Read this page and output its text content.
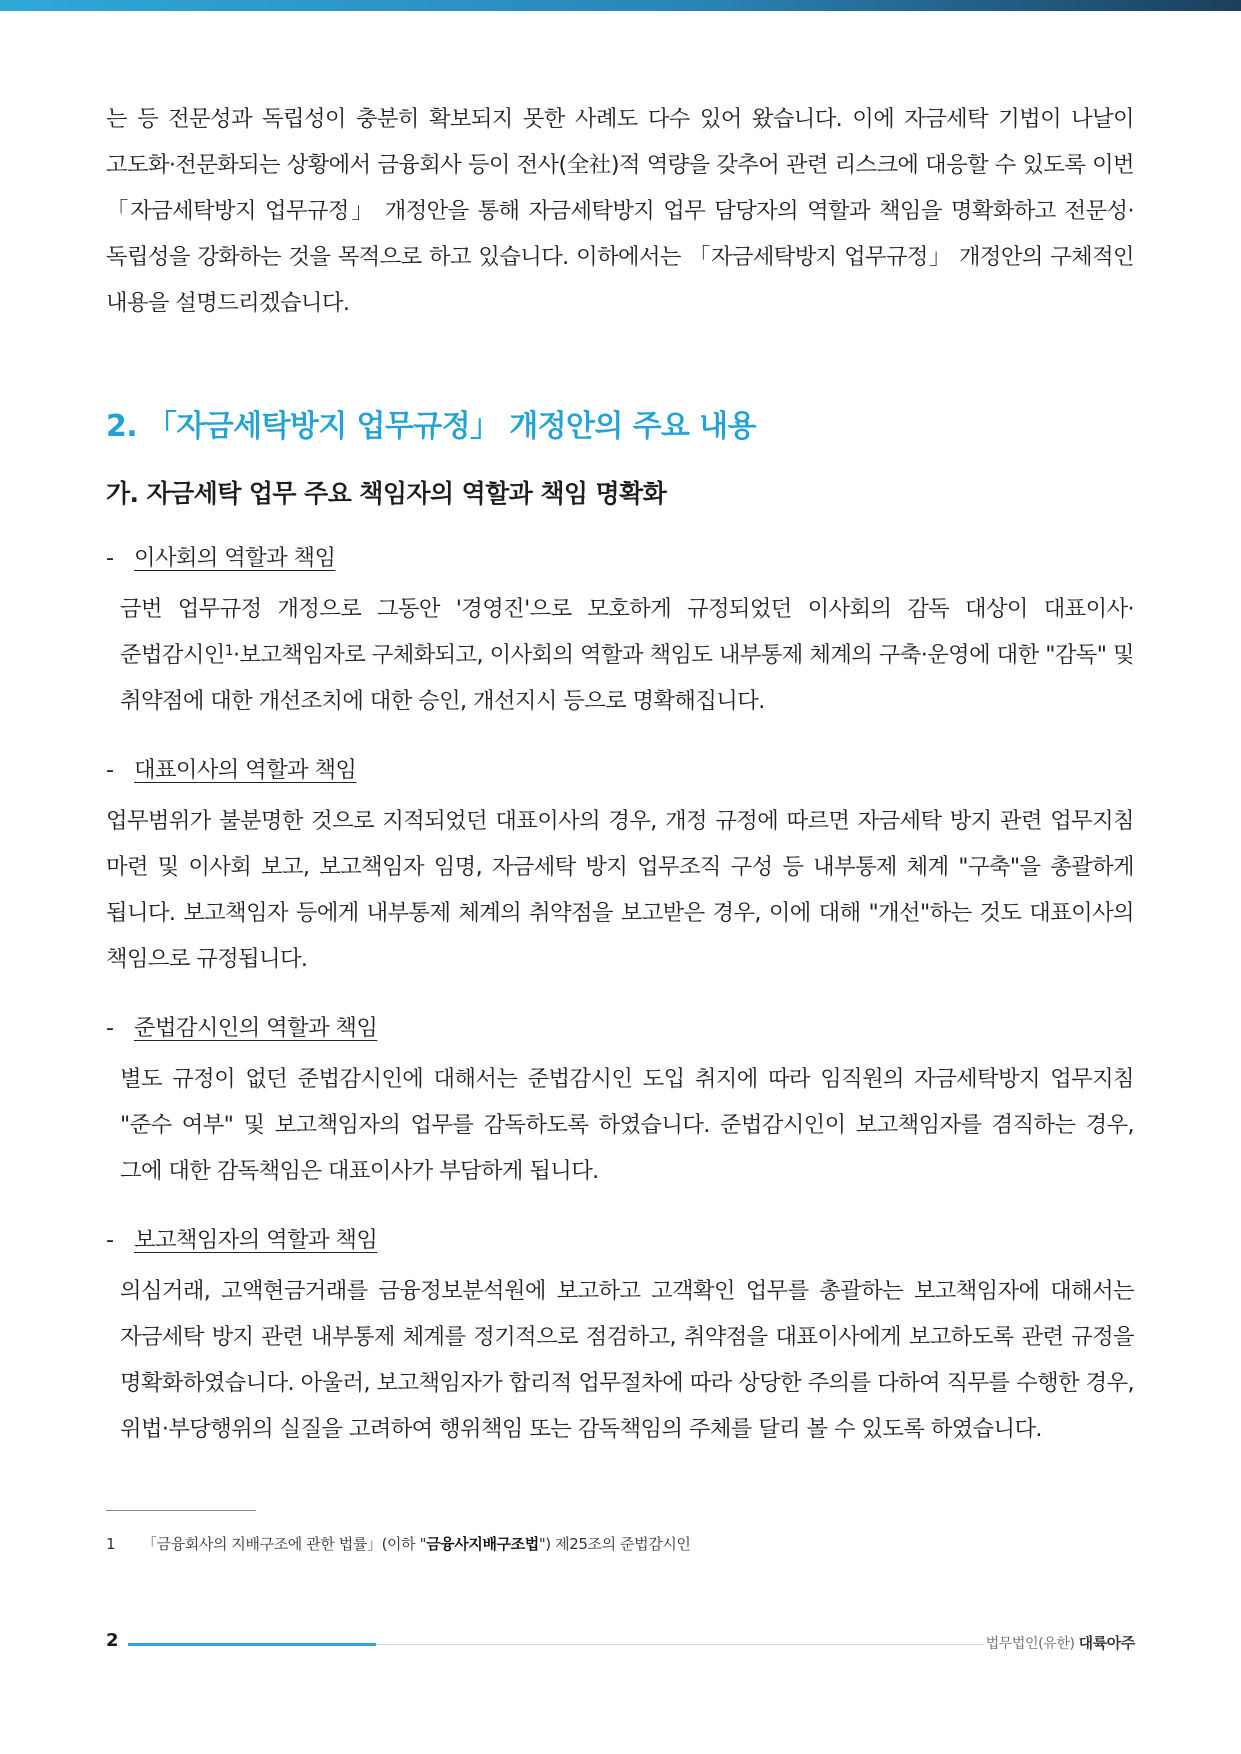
는 등 전문성과 독립성이 충분히 확보되지 못한 사례도 다수 있어 왔습니다. 이에 자금세탁 기법이 나날이 고도화·전문화되는 상황에서 금융회사 등이 전사(全社)적 역량을 갖추어 관련 리스크에 대응할 수 있도록 이번 「자금세탁방지 업무규정」 개정안을 통해 자금세탁방지 업무 담당자의 역할과 책임을 명확화하고 전문성·독립성을 강화하는 것을 목적으로 하고 있습니다. 이하에서는 「자금세탁방지 업무규정」 개정안의 구체적인 내용을 설명드리겠습니다.

2. 「자금세탁방지 업무규정」 개정안의 주요 내용
가. 자금세탁 업무 주요 책임자의 역할과 책임 명확화
- 이사회의 역할과 책임

금번 업무규정 개정으로 그동안 '경영진'으로 모호하게 규정되었던 이사회의 감독 대상이 대표이사·준법감시인$^1$·보고책임자로 구체화되고, 이사회의 역할과 책임도 내부통제 체계의 구축·운영에 대한 "감독" 및 취약점에 대한 개선조치에 대한 승인, 개선지시 등으로 명확해집니다.

- 대표이사의 역할과 책임

업무범위가 불분명한 것으로 지적되었던 대표이사의 경우, 개정 규정에 따르면 자금세탁 방지 관련 업무지침 마련 및 이사회 보고, 보고책임자 임명, 자금세탁 방지 업무조직 구성 등 내부통제 체계 "구축"을 총괄하게 됩니다. 보고책임자 등에게 내부통제 체계의 취약점을 보고받은 경우, 이에 대해 "개선"하는 것도 대표이사의 책임으로 규정됩니다.

- 준법감시인의 역할과 책임

별도 규정이 없던 준법감시인에 대해서는 준법감시인 도입 취지에 따라 임직원의 자금세탁방지 업무지침 "준수 여부" 및 보고책임자의 업무를 감독하도록 하였습니다. 준법감시인이 보고책임자를 겸직하는 경우, 그에 대한 감독책임은 대표이사가 부담하게 됩니다.

- 보고책임자의 역할과 책임

의심거래, 고액현금거래를 금융정보분석원에 보고하고 고객확인 업무를 총괄하는 보고책임자에 대해서는 자금세탁 방지 관련 내부통제 체계를 정기적으로 점검하고, 취약점을 대표이사에게 보고하도록 관련 규정을 명확화하였습니다. 아울러, 보고책임자가 합리적 업무절차에 따라 상당한 주의를 다하여 직무를 수행한 경우, 위법·부당행위의 실질을 고려하여 행위책임 또는 감독책임의 주체를 달리 볼 수 있도록 하였습니다.

1 「금융회사의 지배구조에 관한 법률」(이하 "금융사지배구조법") 제25조의 준법감시인
2	법무법인(유한) 대륙아주
